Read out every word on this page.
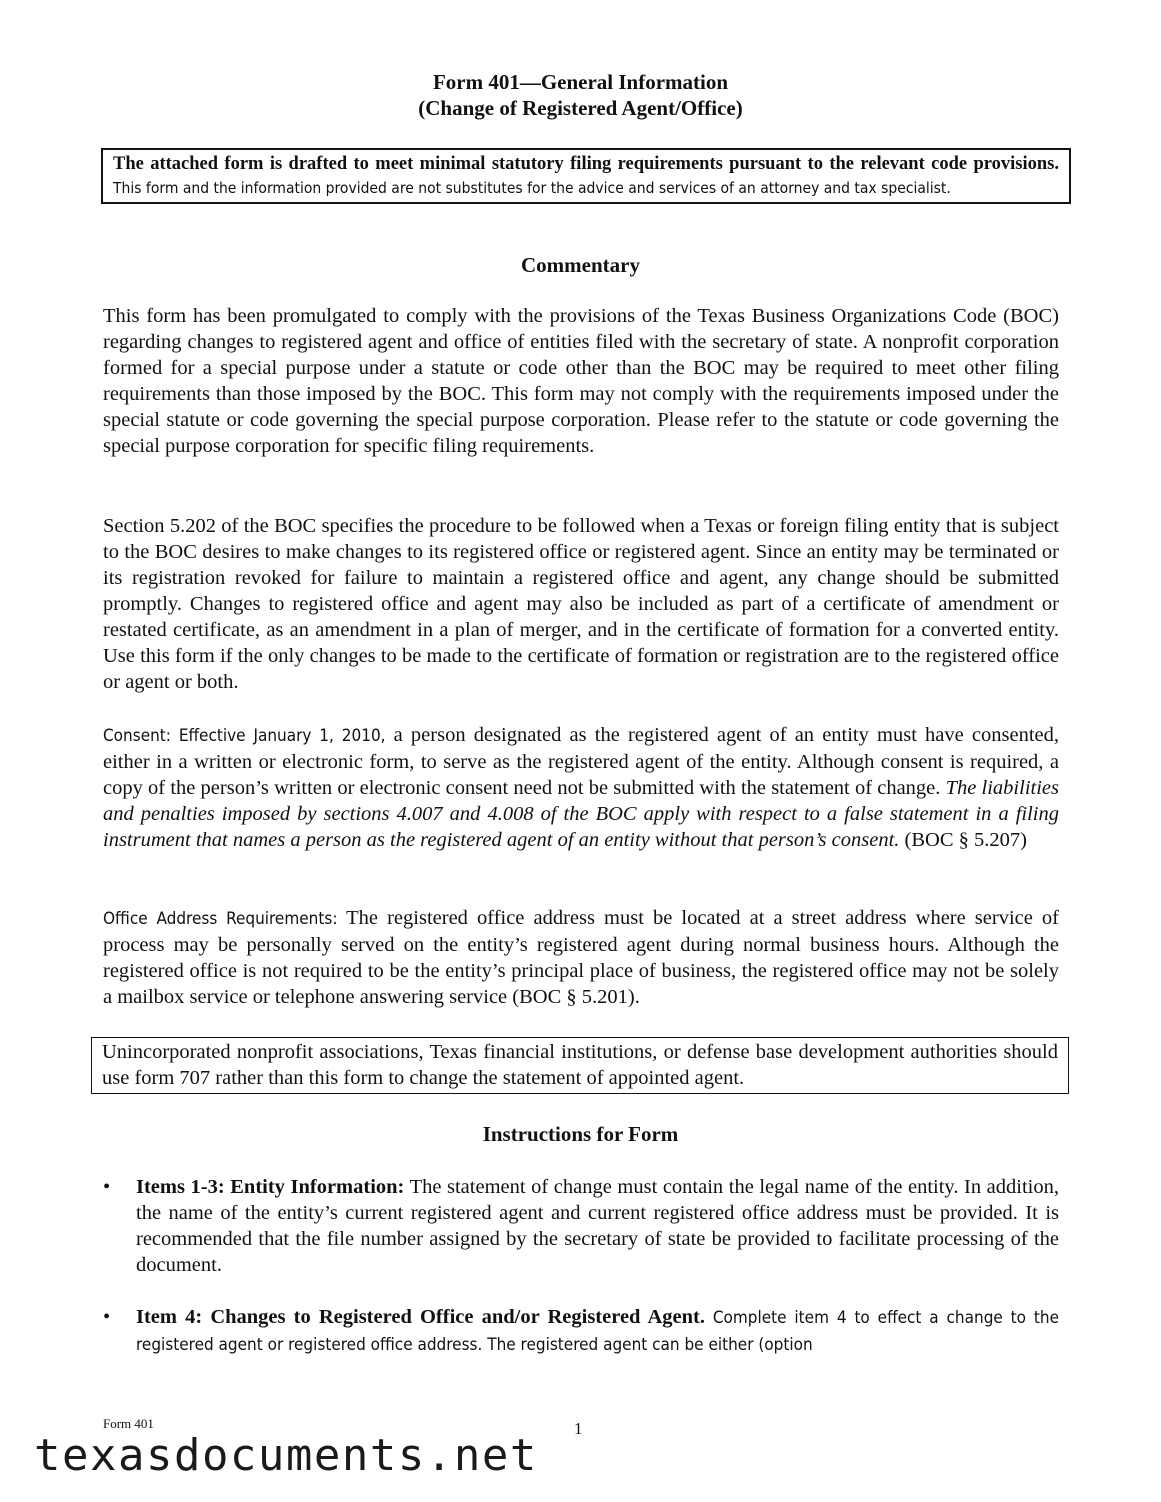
Form 401—General Information
(Change of Registered Agent/Office)
The attached form is drafted to meet minimal statutory filing requirements pursuant to the relevant code provisions. This form and the information provided are not substitutes for the advice and services of an attorney and tax specialist.
Commentary
This form has been promulgated to comply with the provisions of the Texas Business Organizations Code (BOC) regarding changes to registered agent and office of entities filed with the secretary of state. A nonprofit corporation formed for a special purpose under a statute or code other than the BOC may be required to meet other filing requirements than those imposed by the BOC. This form may not comply with the requirements imposed under the special statute or code governing the special purpose corporation. Please refer to the statute or code governing the special purpose corporation for specific filing requirements.
Section 5.202 of the BOC specifies the procedure to be followed when a Texas or foreign filing entity that is subject to the BOC desires to make changes to its registered office or registered agent. Since an entity may be terminated or its registration revoked for failure to maintain a registered office and agent, any change should be submitted promptly. Changes to registered office and agent may also be included as part of a certificate of amendment or restated certificate, as an amendment in a plan of merger, and in the certificate of formation for a converted entity. Use this form if the only changes to be made to the certificate of formation or registration are to the registered office or agent or both.
Consent: Effective January 1, 2010, a person designated as the registered agent of an entity must have consented, either in a written or electronic form, to serve as the registered agent of the entity. Although consent is required, a copy of the person’s written or electronic consent need not be submitted with the statement of change. The liabilities and penalties imposed by sections 4.007 and 4.008 of the BOC apply with respect to a false statement in a filing instrument that names a person as the registered agent of an entity without that person’s consent. (BOC § 5.207)
Office Address Requirements: The registered office address must be located at a street address where service of process may be personally served on the entity’s registered agent during normal business hours. Although the registered office is not required to be the entity’s principal place of business, the registered office may not be solely a mailbox service or telephone answering service (BOC § 5.201).
Unincorporated nonprofit associations, Texas financial institutions, or defense base development authorities should use form 707 rather than this form to change the statement of appointed agent.
Instructions for Form
•	Items 1-3: Entity Information: The statement of change must contain the legal name of the entity. In addition, the name of the entity’s current registered agent and current registered office address must be provided. It is recommended that the file number assigned by the secretary of state be provided to facilitate processing of the document.
•	Item 4: Changes to Registered Office and/or Registered Agent. Complete item 4 to effect a change to the registered agent or registered office address. The registered agent can be either (option
Form 401	1
texasdocuments.net
